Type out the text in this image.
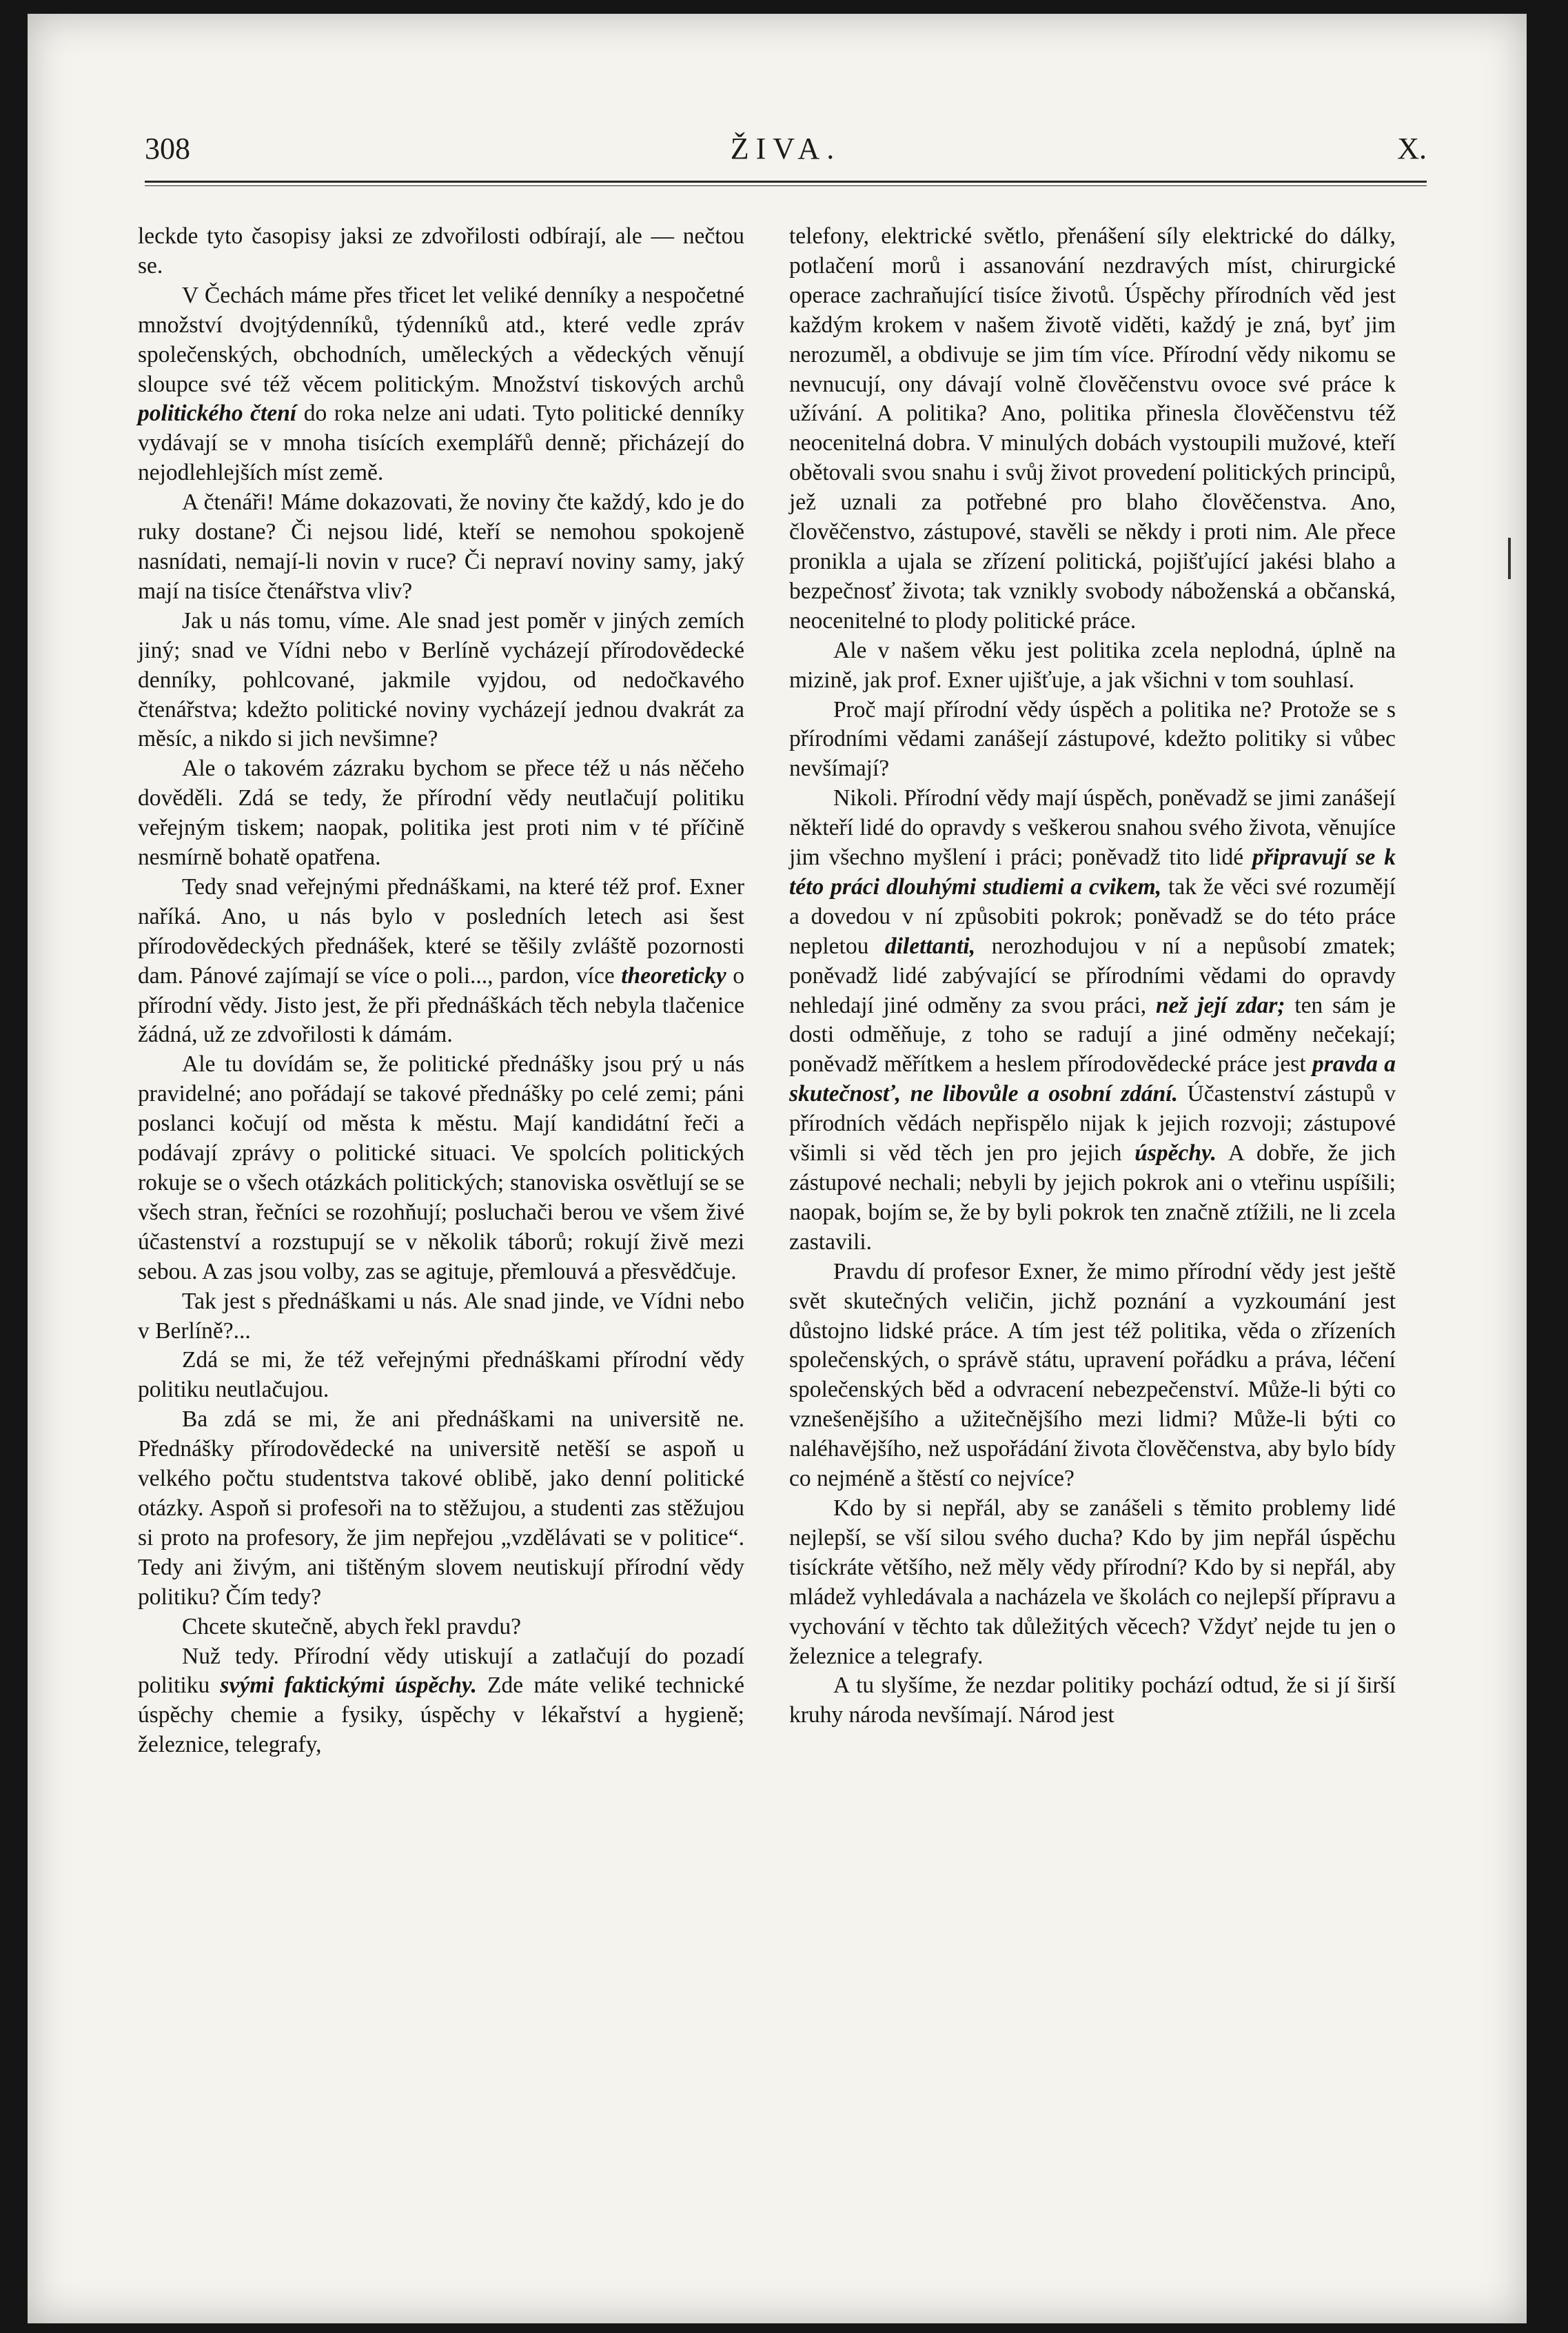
308	ŽIVA.	X.

leckde tyto časopisy jaksi ze zdvořilosti odbírají, ale — nečtou se.

V Čechách máme přes třicet let veliké denníky a nespočetné množství dvojtýdenníků, týdenníků atd., které vedle zpráv společenských, obchodních, uměleckých a vědeckých věnují sloupce své též věcem politickým. Množství tiskových archů politického čtení do roka nelze ani udati. Tyto politické denníky vydávají se v mnoha tisících exemplářů denně; přicházejí do nejodlehlejších míst země.

A čtenáři! Máme dokazovati, že noviny čte každý, kdo je do ruky dostane? Či nejsou lidé, kteří se nemohou spokojeně nasnídati, nemají-li novin v ruce? Či nepraví noviny samy, jaký mají na tisíce čtenářstva vliv?

Jak u nás tomu, víme. Ale snad jest poměr v jiných zemích jiný; snad ve Vídni nebo v Berlíně vycházejí přírodovědecké denníky, pohlcované, jakmile vyjdou, od nedočkavého čtenářstva; kdežto politické noviny vycházejí jednou dvakrát za měsíc, a nikdo si jich nevšimne?

Ale o takovém zázraku bychom se přece též u nás něčeho dověděli. Zdá se tedy, že přírodní vědy neutlačují politiku veřejným tiskem; naopak, politika jest proti nim v té příčině nesmírně bohatě opatřena.

Tedy snad veřejnými přednáškami, na které též prof. Exner naříká. Ano, u nás bylo v posledních letech asi šest přírodovědeckých přednášek, které se těšily zvláště pozornosti dam. Pánové zajímají se více o poli..., pardon, více theoreticky o přírodní vědy. Jisto jest, že při přednáškách těch nebyla tlačenice žádná, už ze zdvořilosti k dámám.

Ale tu dovídám se, že politické přednášky jsou prý u nás pravidelné; ano pořádají se takové přednášky po celé zemi; páni poslanci kočují od města k městu. Mají kandidátní řeči a podávají zprávy o politické situaci. Ve spolcích politických rokuje se o všech otázkách politických; stanoviska osvětlují se se všech stran, řečníci se rozohňují; posluchači berou ve všem živé účastenství a rozstupují se v několik táborů; rokují živě mezi sebou. A zas jsou volby, zas se agituje, přemlouvá a přesvědčuje.

Tak jest s přednáškami u nás. Ale snad jinde, ve Vídni nebo v Berlíně?...

Zdá se mi, že též veřejnými přednáškami přírodní vědy politiku neutlačujou.

Ba zdá se mi, že ani přednáškami na universitě ne. Přednášky přírodovědecké na universitě netěší se aspoň u velkého počtu studentstva takové oblibě, jako denní politické otázky. Aspoň si profesoři na to stěžujou, a studenti zas stěžujou si proto na profesory, že jim nepřejou „vzdělávati se v politice“. Tedy ani živým, ani tištěným slovem neutiskují přírodní vědy politiku? Čím tedy?

Chcete skutečně, abych řekl pravdu?

Nuž tedy. Přírodní vědy utiskují a zatlačují do pozadí politiku svými faktickými úspěchy. Zde máte veliké technické úspěchy chemie a fysiky, úspěchy v lékařství a hygieně; železnice, telegrafy,

telefony, elektrické světlo, přenášení síly elektrické do dálky, potlačení morů i assanování nezdravých míst, chirurgické operace zachraňující tisíce životů. Úspěchy přírodních věd jest každým krokem v našem životě viděti, každý je zná, byť jim nerozuměl, a obdivuje se jim tím více. Přírodní vědy nikomu se nevnucují, ony dávají volně člověčenstvu ovoce své práce k užívání. A politika? Ano, politika přinesla člověčenstvu též neocenitelná dobra. V minulých dobách vystoupili mužové, kteří obětovali svou snahu i svůj život provedení politických principů, jež uznali za potřebné pro blaho člověčenstva. Ano, člověčenstvo, zástupové, stavěli se někdy i proti nim. Ale přece pronikla a ujala se zřízení politická, pojišťující jakési blaho a bezpečnosť života; tak vznikly svobody náboženská a občanská, neocenitelné to plody politické práce.

Ale v našem věku jest politika zcela neplodná, úplně na mizině, jak prof. Exner ujišťuje, a jak všichni v tom souhlasí.

Proč mají přírodní vědy úspěch a politika ne? Protože se s přírodními vědami zanášejí zástupové, kdežto politiky si vůbec nevšímají?

Nikoli. Přírodní vědy mají úspěch, poněvadž se jimi zanášejí někteří lidé do opravdy s veškerou snahou svého života, věnujíce jim všechno myšlení i práci; poněvadž tito lidé připravují se k této práci dlouhými studiemi a cvikem, tak že věci své rozumějí a dovedou v ní způsobiti pokrok; poněvadž se do této práce nepletou dilettanti, nerozhodujou v ní a nepůsobí zmatek; poněvadž lidé zabývající se přírodními vědami do opravdy nehledají jiné odměny za svou práci, než její zdar; ten sám je dosti odměňuje, z toho se radují a jiné odměny nečekají; poněvadž měřítkem a heslem přírodovědecké práce jest pravda a skutečnosť, ne libovůle a osobní zdání. Účastenství zástupů v přírodních vědách nepřispělo nijak k jejich rozvoji; zástupové všimli si věd těch jen pro jejich úspěchy. A dobře, že jich zástupové nechali; nebyli by jejich pokrok ani o vteřinu uspíšili; naopak, bojím se, že by byli pokrok ten značně ztížili, ne li zcela zastavili.

Pravdu dí profesor Exner, že mimo přírodní vědy jest ještě svět skutečných veličin, jichž poznání a vyzkoumání jest důstojno lidské práce. A tím jest též politika, věda o zřízeních společenských, o správě státu, upravení pořádku a práva, léčení společenských běd a odvracení nebezpečenství. Může-li býti co vznešenějšího a užitečnějšího mezi lidmi? Může-li býti co naléhavějšího, než uspořádání života člověčenstva, aby bylo bídy co nejméně a štěstí co nejvíce?

Kdo by si nepřál, aby se zanášeli s těmito problemy lidé nejlepší, se vší silou svého ducha? Kdo by jim nepřál úspěchu tisíckráte většího, než měly vědy přírodní? Kdo by si nepřál, aby mládež vyhledávala a nacházela ve školách co nejlepší přípravu a vychování v těchto tak důležitých věcech? Vždyť nejde tu jen o železnice a telegrafy.

A tu slyšíme, že nezdar politiky pochází odtud, že si jí širší kruhy národa nevšímají. Národ jest
